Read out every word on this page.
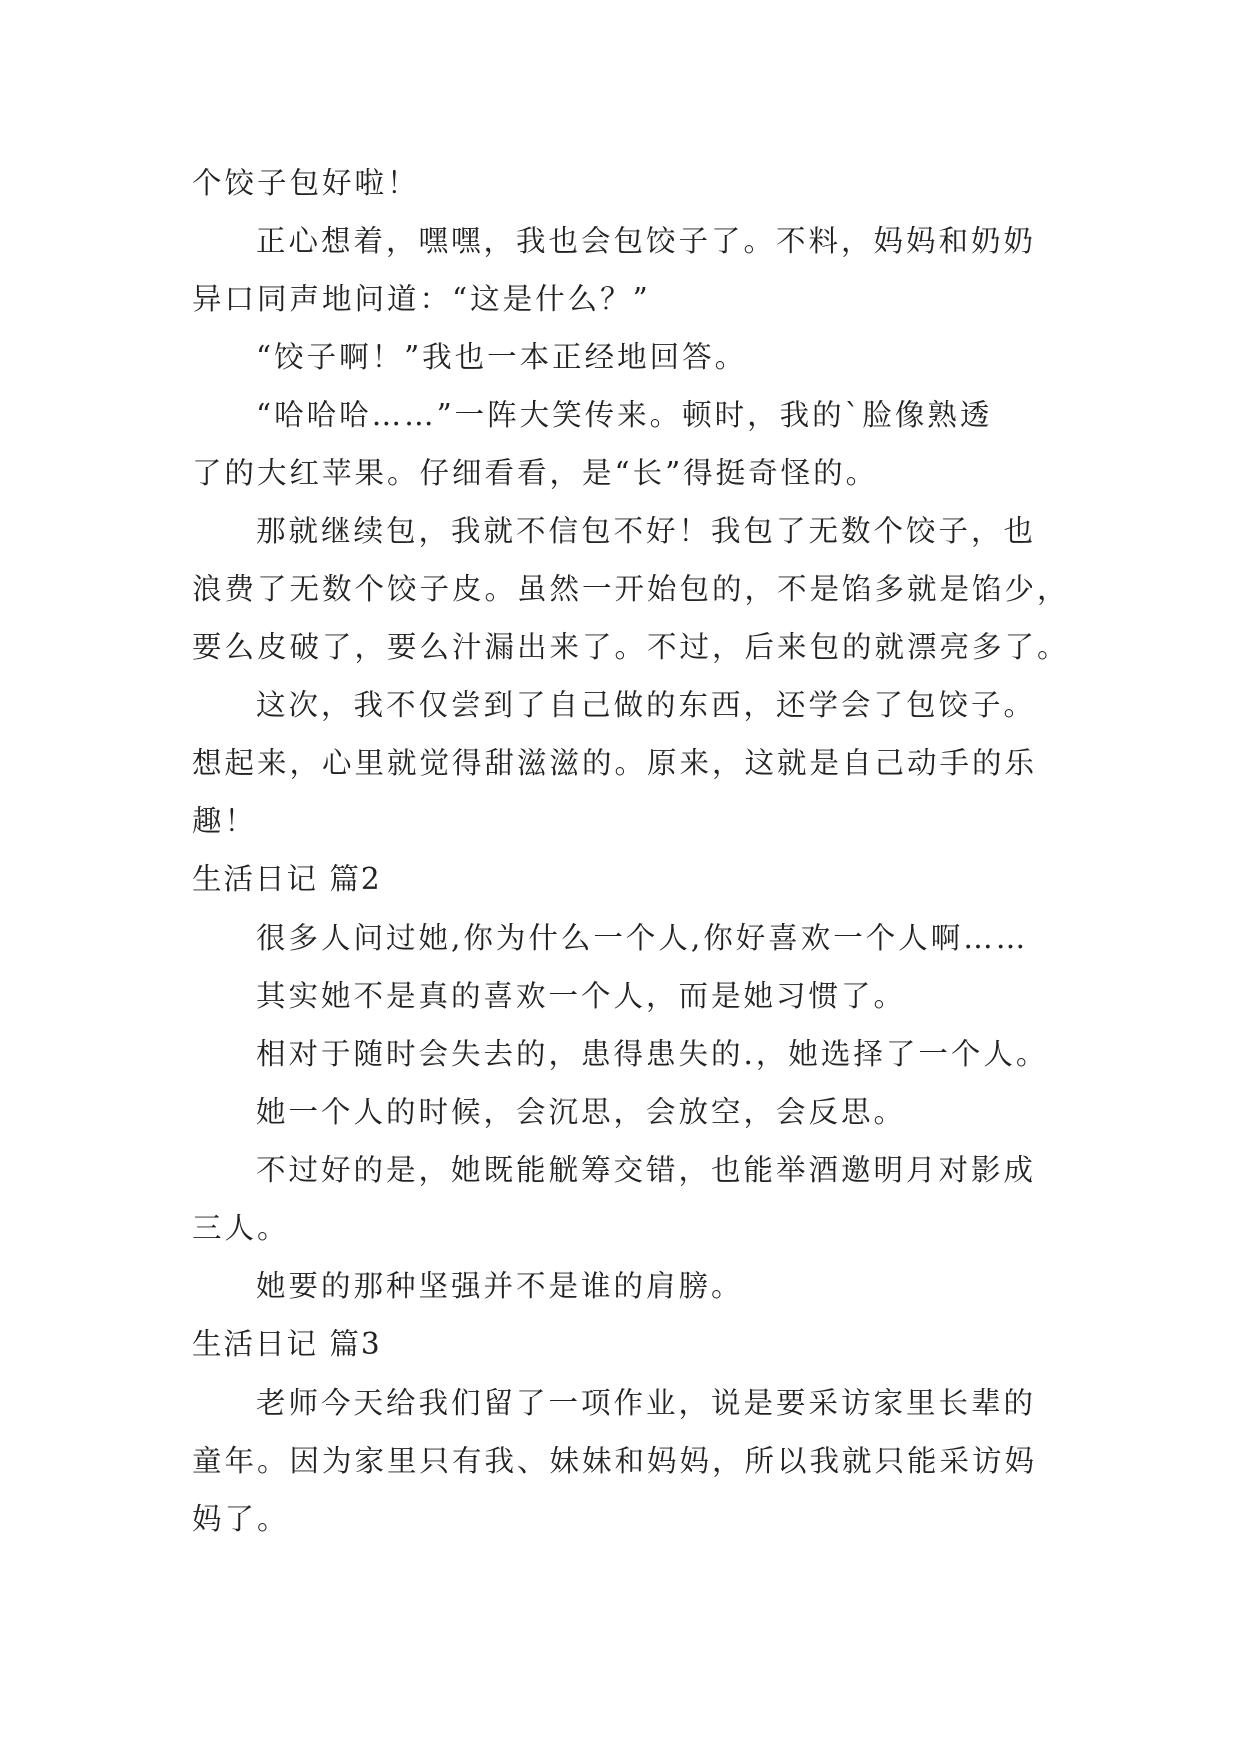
个饺子包好啦！
正心想着，嘿嘿，我也会包饺子了。不料，妈妈和奶奶
异口同声地问道：“这是什么？”
“饺子啊！”我也一本正经地回答。
“哈哈哈……”一阵大笑传来。顿时，我的`脸像熟透
了的大红苹果。仔细看看，是“长”得挺奇怪的。
那就继续包，我就不信包不好！我包了无数个饺子，也
浪费了无数个饺子皮。虽然一开始包的，不是馅多就是馅少，
要么皮破了，要么汁漏出来了。不过，后来包的就漂亮多了。
这次，我不仅尝到了自己做的东西，还学会了包饺子。
想起来，心里就觉得甜滋滋的。原来，这就是自己动手的乐
趣！
生活日记 篇2
很多人问过她,你为什么一个人,你好喜欢一个人啊……
其实她不是真的喜欢一个人，而是她习惯了。
相对于随时会失去的，患得患失的.，她选择了一个人。
她一个人的时候，会沉思，会放空，会反思。
不过好的是，她既能觥筹交错，也能举酒邀明月对影成
三人。
她要的那种坚强并不是谁的肩膀。
生活日记 篇3
老师今天给我们留了一项作业，说是要采访家里长辈的
童年。因为家里只有我、妹妹和妈妈，所以我就只能采访妈
妈了。
